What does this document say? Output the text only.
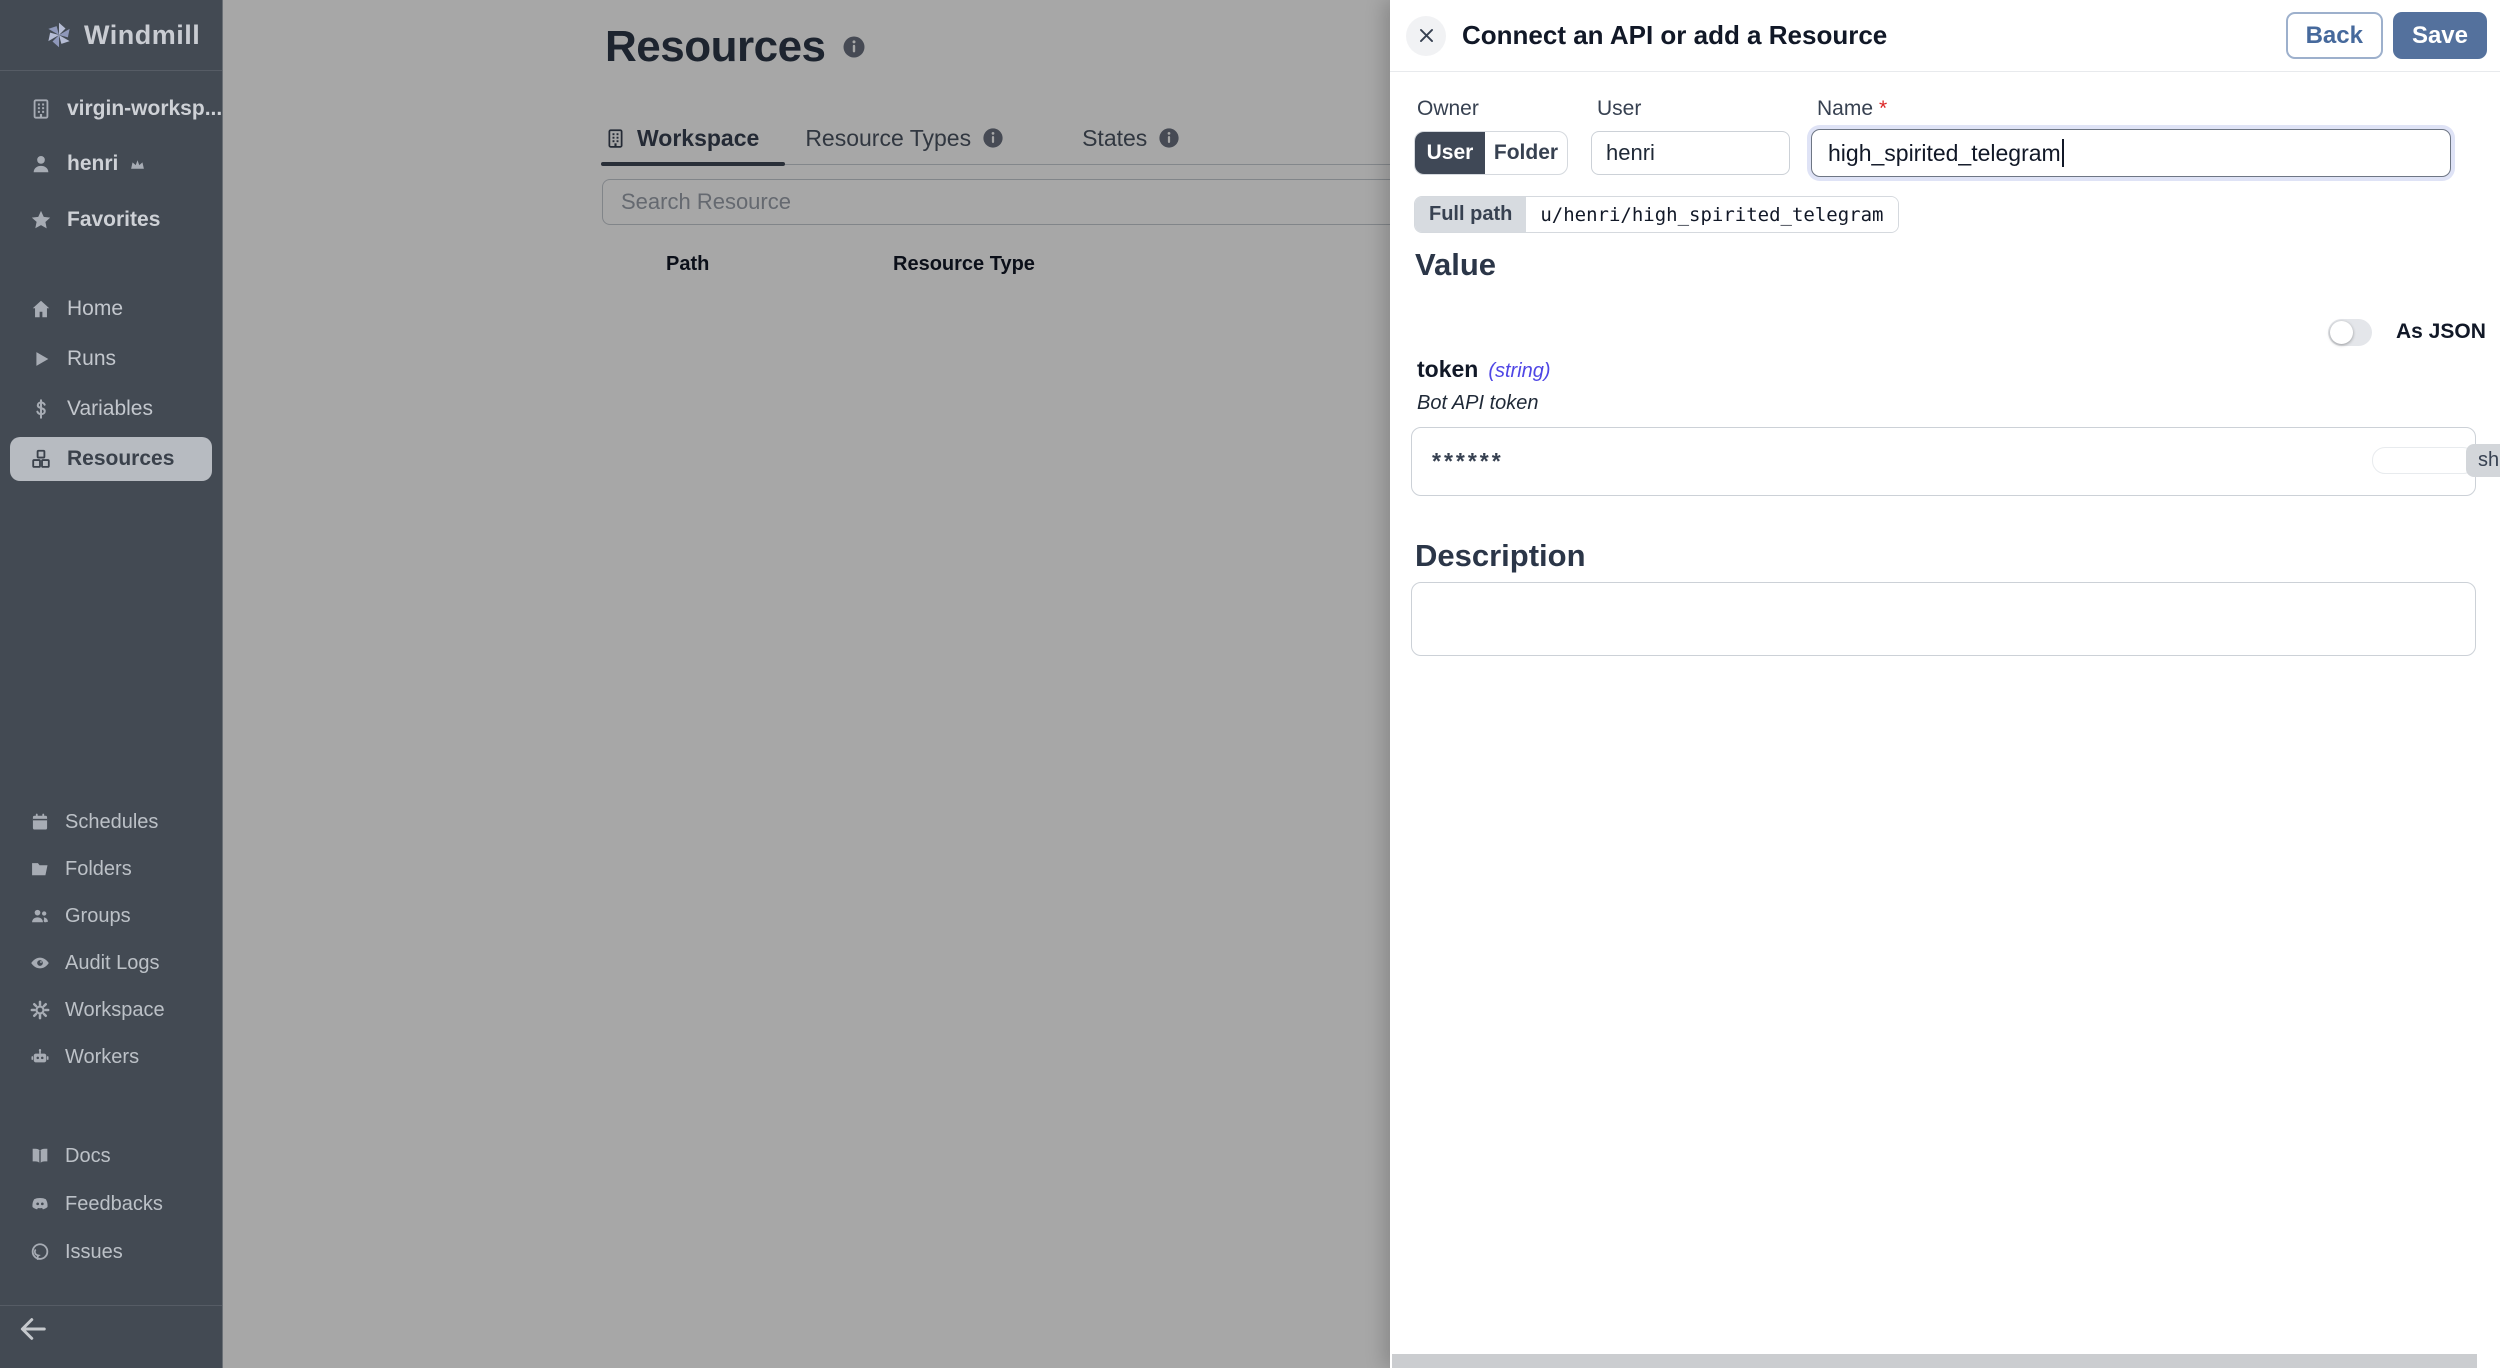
Resources
Workspace Resource Types	States
Search Resource
Path	Resource Type
Windmill
virgin-worksp...
henri
Favorites
Home
Runs
Variables
Resources
Schedules
Folders
Groups
Audit Logs
Workspace
Workers
Docs
Feedbacks
Issues
Connect an API or add a Resource	Back	Save
Owner	User	Name *
User Folder
henri	high_spirited_telegram
Full path	u/henri/high_spirited_telegram
Value
As JSON
token (string)
Bot API token
******	sh
Description
